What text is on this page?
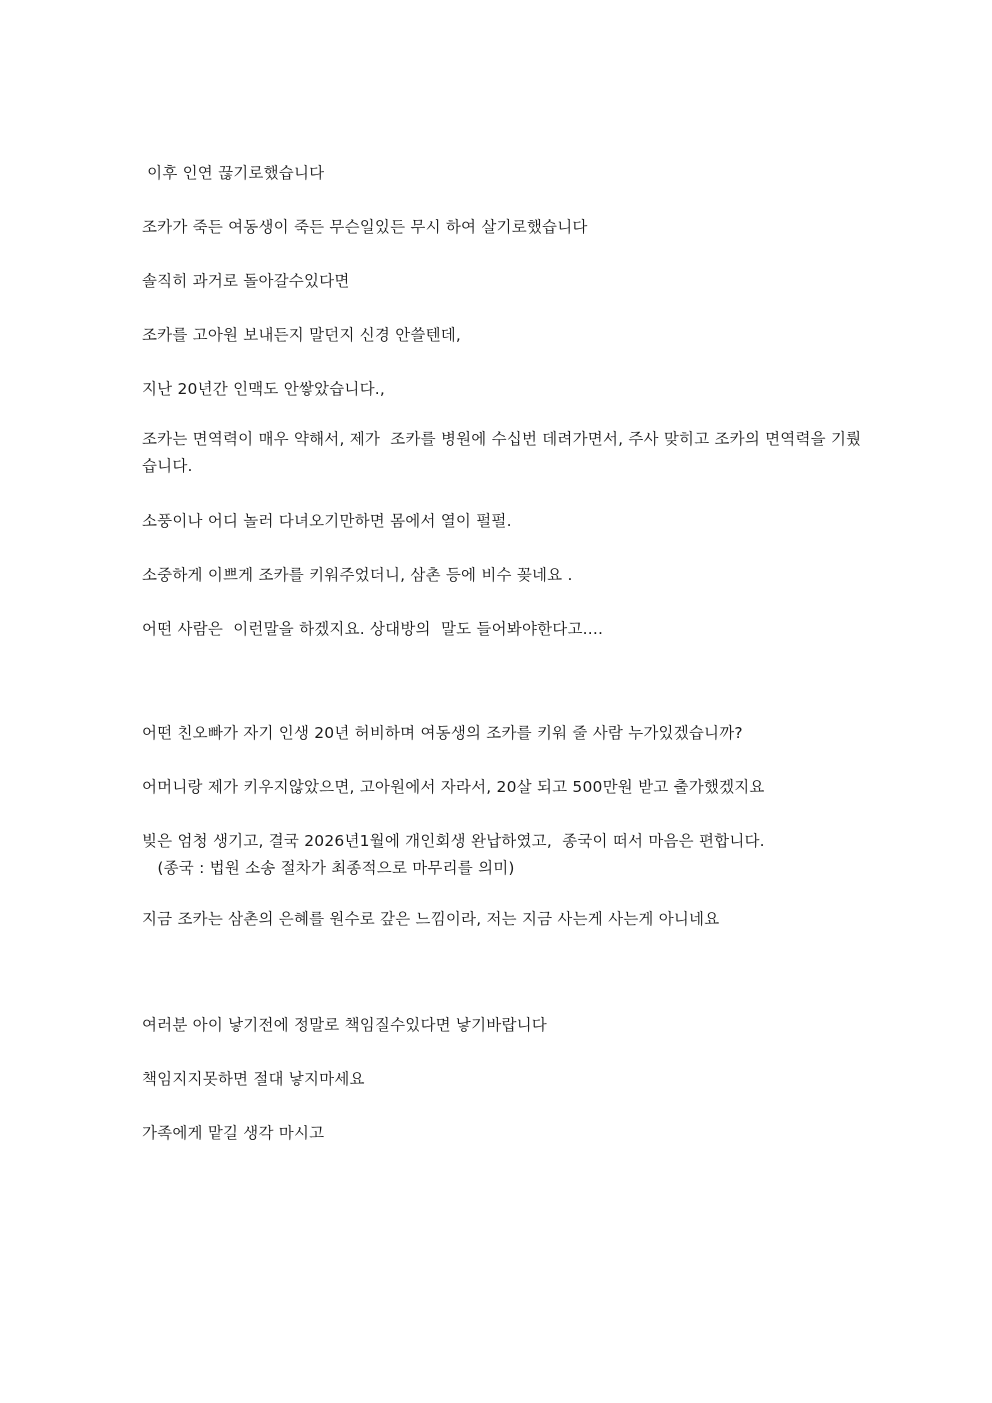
이후 인연 끊기로했습니다

조카가 죽든 여동생이 죽든 무슨일있든 무시 하여 살기로했습니다

솔직히 과거로 돌아갈수있다면

조카를 고아원 보내든지 말던지 신경 안쓸텐데,

지난 20년간 인맥도 안쌓았습니다.,

조카는 면역력이 매우 약해서, 제가  조카를 병원에 수십번 데려가면서, 주사 맞히고 조카의 면역력을 기뤘습니다.

소풍이나 어디 놀러 다녀오기만하면 몸에서 열이 펄펄.

소중하게 이쁘게 조카를 키워주었더니, 삼촌 등에 비수 꽂네요 .

어떤 사람은  이런말을 하겠지요. 상대방의  말도 들어봐야한다고....

어떤 친오빠가 자기 인생 20년 허비하며 여동생의 조카를 키워 줄 사람 누가있겠습니까?

어머니랑 제가 키우지않았으면, 고아원에서 자라서, 20살 되고 500만원 받고 출가했겠지요

빚은 엄청 생기고, 결국 2026년1월에 개인회생 완납하였고,  종국이 떠서 마음은 편합니다.
(종국 : 법원 소송 절차가 최종적으로 마무리를 의미)

지금 조카는 삼촌의 은혜를 원수로 갚은 느낌이라, 저는 지금 사는게 사는게 아니네요

여러분 아이 낳기전에 정말로 책임질수있다면 낳기바랍니다

책임지지못하면 절대 낳지마세요

가족에게 맡길 생각 마시고
